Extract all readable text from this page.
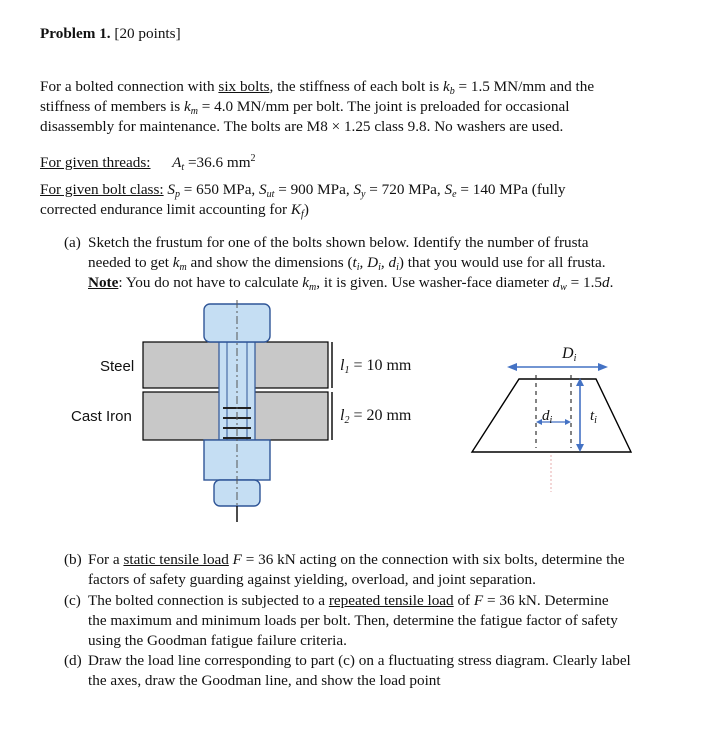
Problem 1. [20 points]
For a bolted connection with six bolts, the stiffness of each bolt is $k_b = 1.5$ MN/mm and the
stiffness of members is $k_m = 4.0$ MN/mm per bolt. The joint is preloaded for occasional
disassembly for maintenance. The bolts are M8 × 1.25 class 9.8. No washers are used.
For given threads: $A_t =36.6$ $mm^2$
For given bolt class: $S_p = 650$ MPa, $S_{ut} = 900$ MPa, $S_y = 720$ MPa, $S_e = 140$ MPa (fully
corrected endurance limit accounting for $K_f$)
(a) Sketch the frustum for one of the bolts shown below. Identify the number of frusta
needed to get $k_m$ and show the dimensions ($t_i$, $D_i$, $d_i$) that you would use for all frusta.
Note: You do not have to calculate $k_m$, it is given. Use washer-face diameter $d_w = 1.5d$.
Steel
Cast Iron
$l_1 = 10$ mm
$l_2 = 20$ mm
$D_i$
$d_i$	$t_i$
(b) For a static tensile load F = 36 kN acting on the connection with six bolts, determine the
factors of safety guarding against yielding, overload, and joint separation.
(c) The bolted connection is subjected to a repeated tensile load of F = 36 kN. Determine
the maximum and minimum loads per bolt. Then, determine the fatigue factor of safety
using the Goodman fatigue failure criteria.
(d) Draw the load line corresponding to part (c) on a fluctuating stress diagram. Clearly label
the axes, draw the Goodman line, and show the load point
